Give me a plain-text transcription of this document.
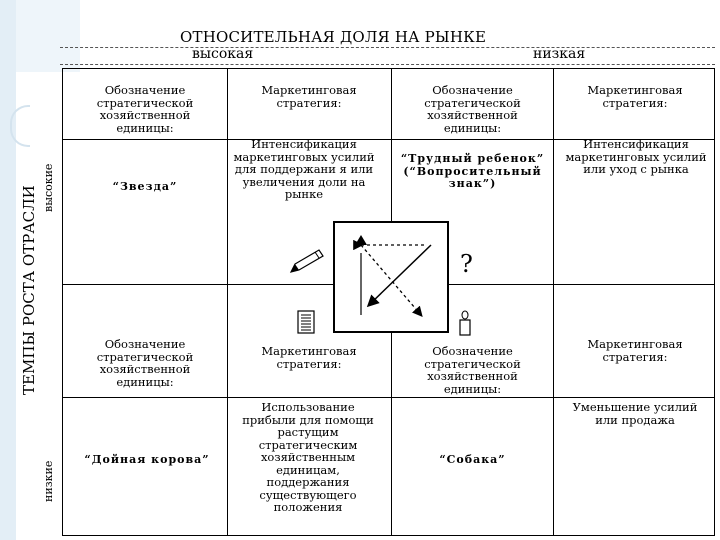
ОТНОСИТЕЛЬНАЯ ДОЛЯ НА РЫНКЕ
высокая	низкая
ТЕМПЫ РОСТА ОТРАСЛИ высокие
низкие
Обозначение стратегической хозяйственной единицы:
Маркетинговая стратегия:
“Звезда”
Интенсификация маркетинговых усилий для поддержани я или увеличения доли на рынке
Обозначение стратегической хозяйственной единицы:
Маркетинговая стратегия:
“Трудный ребенок” (“Вопросительный знак”)
Интенсификация маркетинговых усилий или уход с рынка
Обозначение стратегической хозяйственной единицы:
Маркетинговая стратегия:
“Дойная корова”
Использование прибыли для помощи растущим стратегическим хозяйственным единицам, поддержания существующего положения
Обозначение стратегической хозяйственной единицы:
Маркетинговая стратегия:
“Собака”
Уменьшение усилий или продажа
?
